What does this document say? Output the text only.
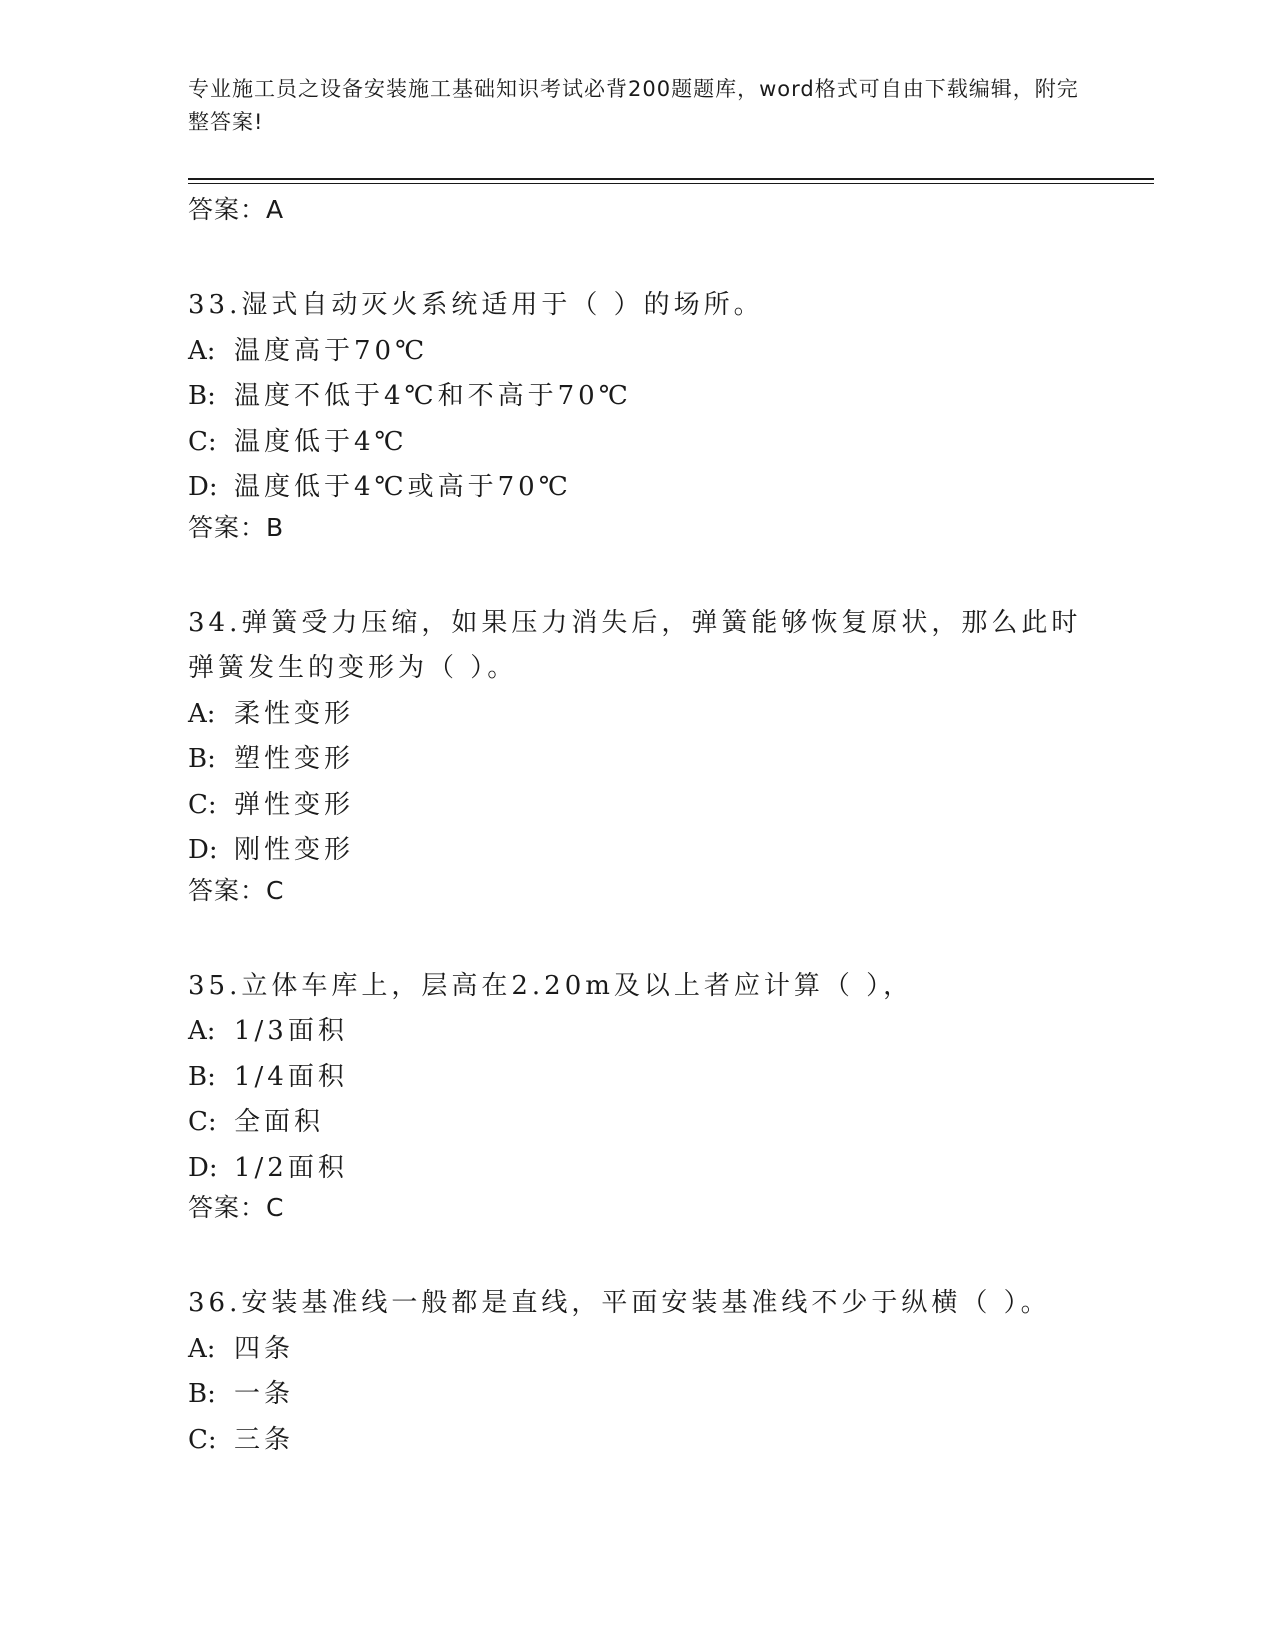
专业施工员之设备安装施工基础知识考试必背200题题库，word格式可自由下载编辑，附完整答案!
答案：A
33.湿式自动灭火系统适用于（ ）的场所。
A: 温度高于70℃
B: 温度不低于4℃和不高于70℃
C: 温度低于4℃
D: 温度低于4℃或高于70℃
答案：B
34.弹簧受力压缩，如果压力消失后，弹簧能够恢复原状，那么此时弹簧发生的变形为（ ）。
A: 柔性变形
B: 塑性变形
C: 弹性变形
D: 刚性变形
答案：C
35.立体车库上，层高在2.20m及以上者应计算（ ），
A: 1/3面积
B: 1/4面积
C: 全面积
D: 1/2面积
答案：C
36.安装基准线一般都是直线，平面安装基准线不少于纵横（ ）。
A: 四条
B: 一条
C: 三条
